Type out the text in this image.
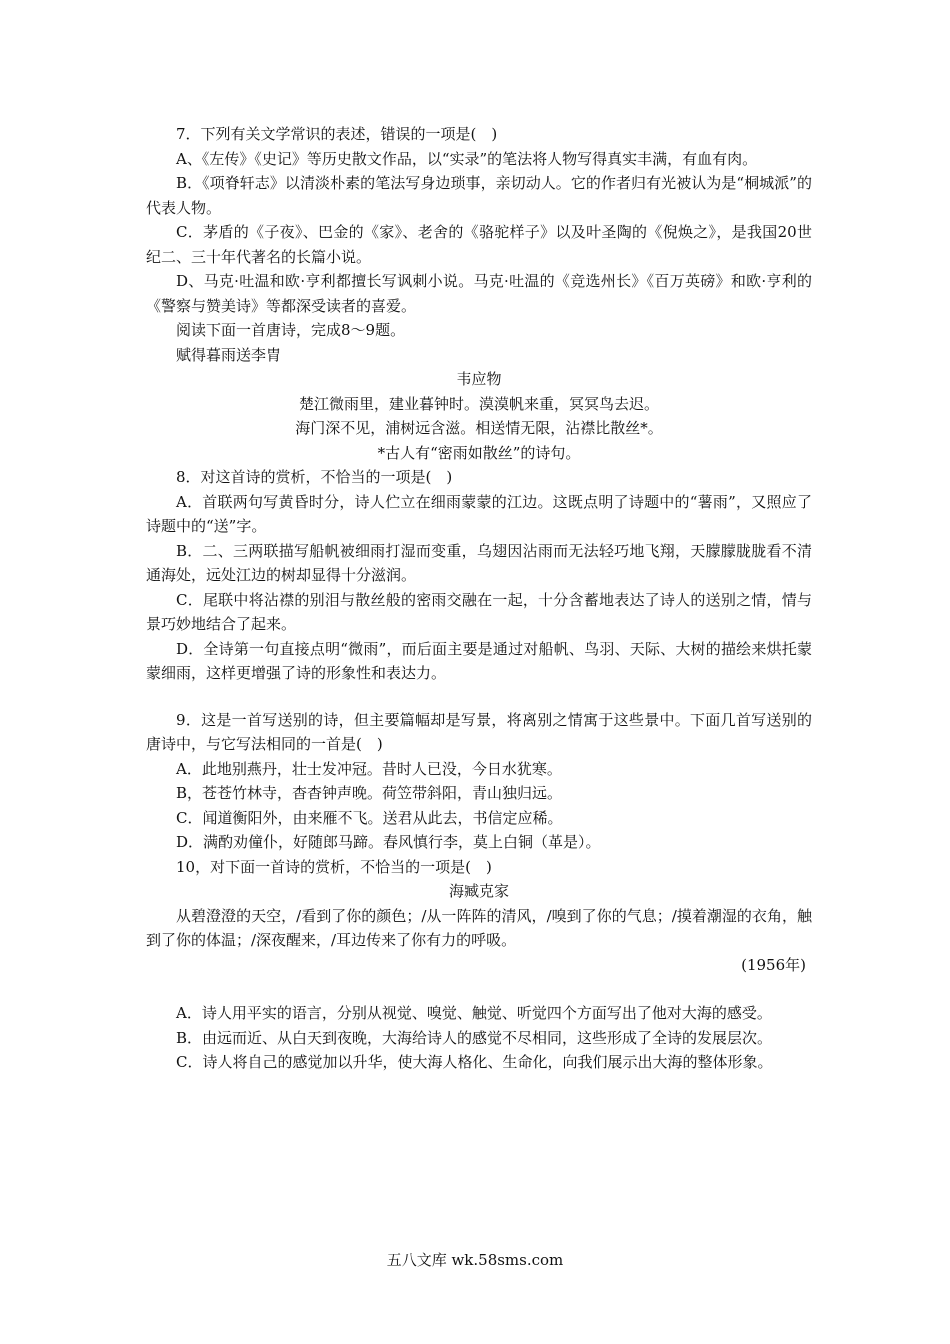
7．下列有关文学常识的表述，错误的一项是(　)

A、《左传》《史记》等历史散文作品，以“实录”的笔法将人物写得真实丰满，有血有肉。

B．《项脊轩志》以清淡朴素的笔法写身边琐事，亲切动人。它的作者归有光被认为是“桐城派”的代表人物。

C．茅盾的《子夜》、巴金的《家》、老舍的《骆驼样子》以及叶圣陶的《倪焕之》，是我国20世纪二、三十年代著名的长篇小说。

D、马克·吐温和欧·亨利都擅长写讽刺小说。马克·吐温的《竞选州长》《百万英磅》和欧·亨利的《警察与赞美诗》等都深受读者的喜爱。

阅读下面一首唐诗，完成8～9题。

赋得暮雨送李胄

韦应物

楚江微雨里，建业暮钟时。漠漠帆来重，冥冥鸟去迟。

海门深不见，浦树远含滋。相送情无限，沾襟比散丝*。

*古人有“密雨如散丝”的诗句。

8．对这首诗的赏析，不恰当的一项是(　)

A．首联两句写黄昏时分，诗人伫立在细雨蒙蒙的江边。这既点明了诗题中的“薯雨”，又照应了诗题中的“送”字。

B．二、三两联描写船帆被细雨打湿而变重，乌翅因沾雨而无法轻巧地飞翔，天朦朦胧胧看不清通海处，远处江边的树却显得十分滋润。

C．尾联中将沾襟的别泪与散丝般的密雨交融在一起，十分含蓄地表达了诗人的送别之情，情与景巧妙地结合了起来。

D．全诗第一句直接点明“微雨”，而后面主要是通过对船帆、鸟羽、天际、大树的描绘来烘托蒙蒙细雨，这样更增强了诗的形象性和表达力。

9．这是一首写送别的诗，但主要篇幅却是写景，将离别之情寓于这些景中。下面几首写送别的唐诗中，与它写法相同的一首是(　)

A．此地别燕丹，壮士发冲冠。昔时人已没，今日水犹寒。

B，苍苍竹林寺，杳杳钟声晚。荷笠带斜阳，青山独归远。

C．闻道衡阳外，由来雁不飞。送君从此去，书信定应稀。

D．满酌劝僮仆，好随郎马蹄。春风慎行李，莫上白铜（革是）。

10，对下面一首诗的赏析，不恰当的一项是(　)

海臧克家

从碧澄澄的天空，/看到了你的颜色；/从一阵阵的清风，/嗅到了你的气息；/摸着潮湿的衣角，触到了你的体温；/深夜醒来，/耳边传来了你有力的呼吸。

(1956年)

A．诗人用平实的语言，分别从视觉、嗅觉、触觉、听觉四个方面写出了他对大海的感受。

B．由远而近、从白天到夜晚，大海给诗人的感觉不尽相同，这些形成了全诗的发展层次。

C．诗人将自己的感觉加以升华，使大海人格化、生命化，向我们展示出大海的整体形象。

五八文库 wk.58sms.com
